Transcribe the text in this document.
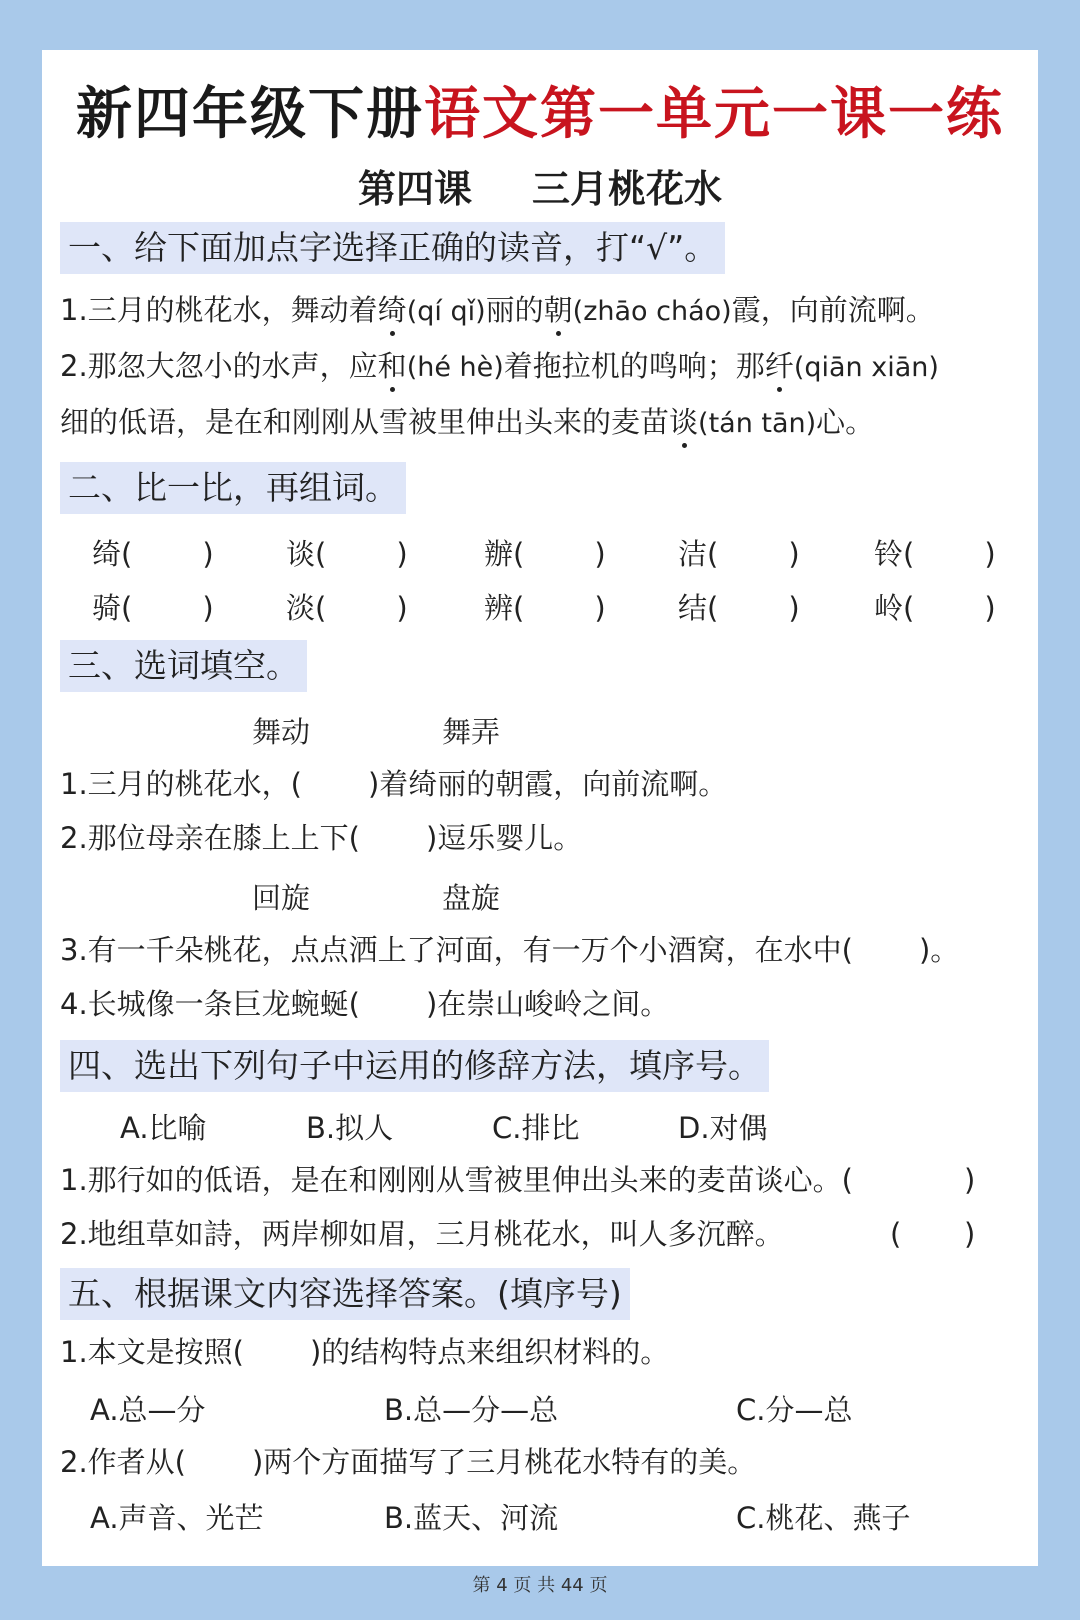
新四年级下册语文第一单元一课一练
第四课 三月桃花水
一、给下面加点字选择正确的读音，打“√”。
1.三月的桃花水，舞动着绮(qí qǐ)丽的朝(zhāo cháo)霞，向前流啊。
2.那忽大忽小的水声，应和(hé hè)着拖拉机的鸣响；那纤(qiān xiān)
细的低语，是在和刚刚从雪被里伸出头来的麦苗谈(tán tān)心。
二、比一比，再组词。
绮( ) 谈( )	辦( ) 洁( )	铃( )
骑( ) 淡( )	辨( ) 结( )	岭( )
三、选词填空。
舞动	舞弄
1.三月的桃花水，( )着绮丽的朝霞，向前流啊。
2.那位母亲在膝上上下( )逗乐婴儿。
回旋	盘旋
3.有一千朵桃花，点点洒上了河面，有一万个小酒窝，在水中( )。
4.长城像一条巨龙蜿蜒( )在崇山峻岭之间。
四、选出下列句子中运用的修辞方法，填序号。
A.比喻	B.拟人	C.排比	D.对偶
1.那行如的低语，是在和刚刚从雪被里伸出头来的麦苗谈心。(	)
2.地组草如詩，两岸柳如眉，三月桃花水，叫人多沉醉。	( )
五、根据课文内容选择答案。(填序号)
1.本文是按照( )的结构特点来组织材料的。
A.总—分	B.总—分—总	C.分—总
2.作者从( )两个方面描写了三月桃花水特有的美。
A.声音、光芒	B.蓝天、河流	C.桃花、燕子
第 4 页 共 44 页
